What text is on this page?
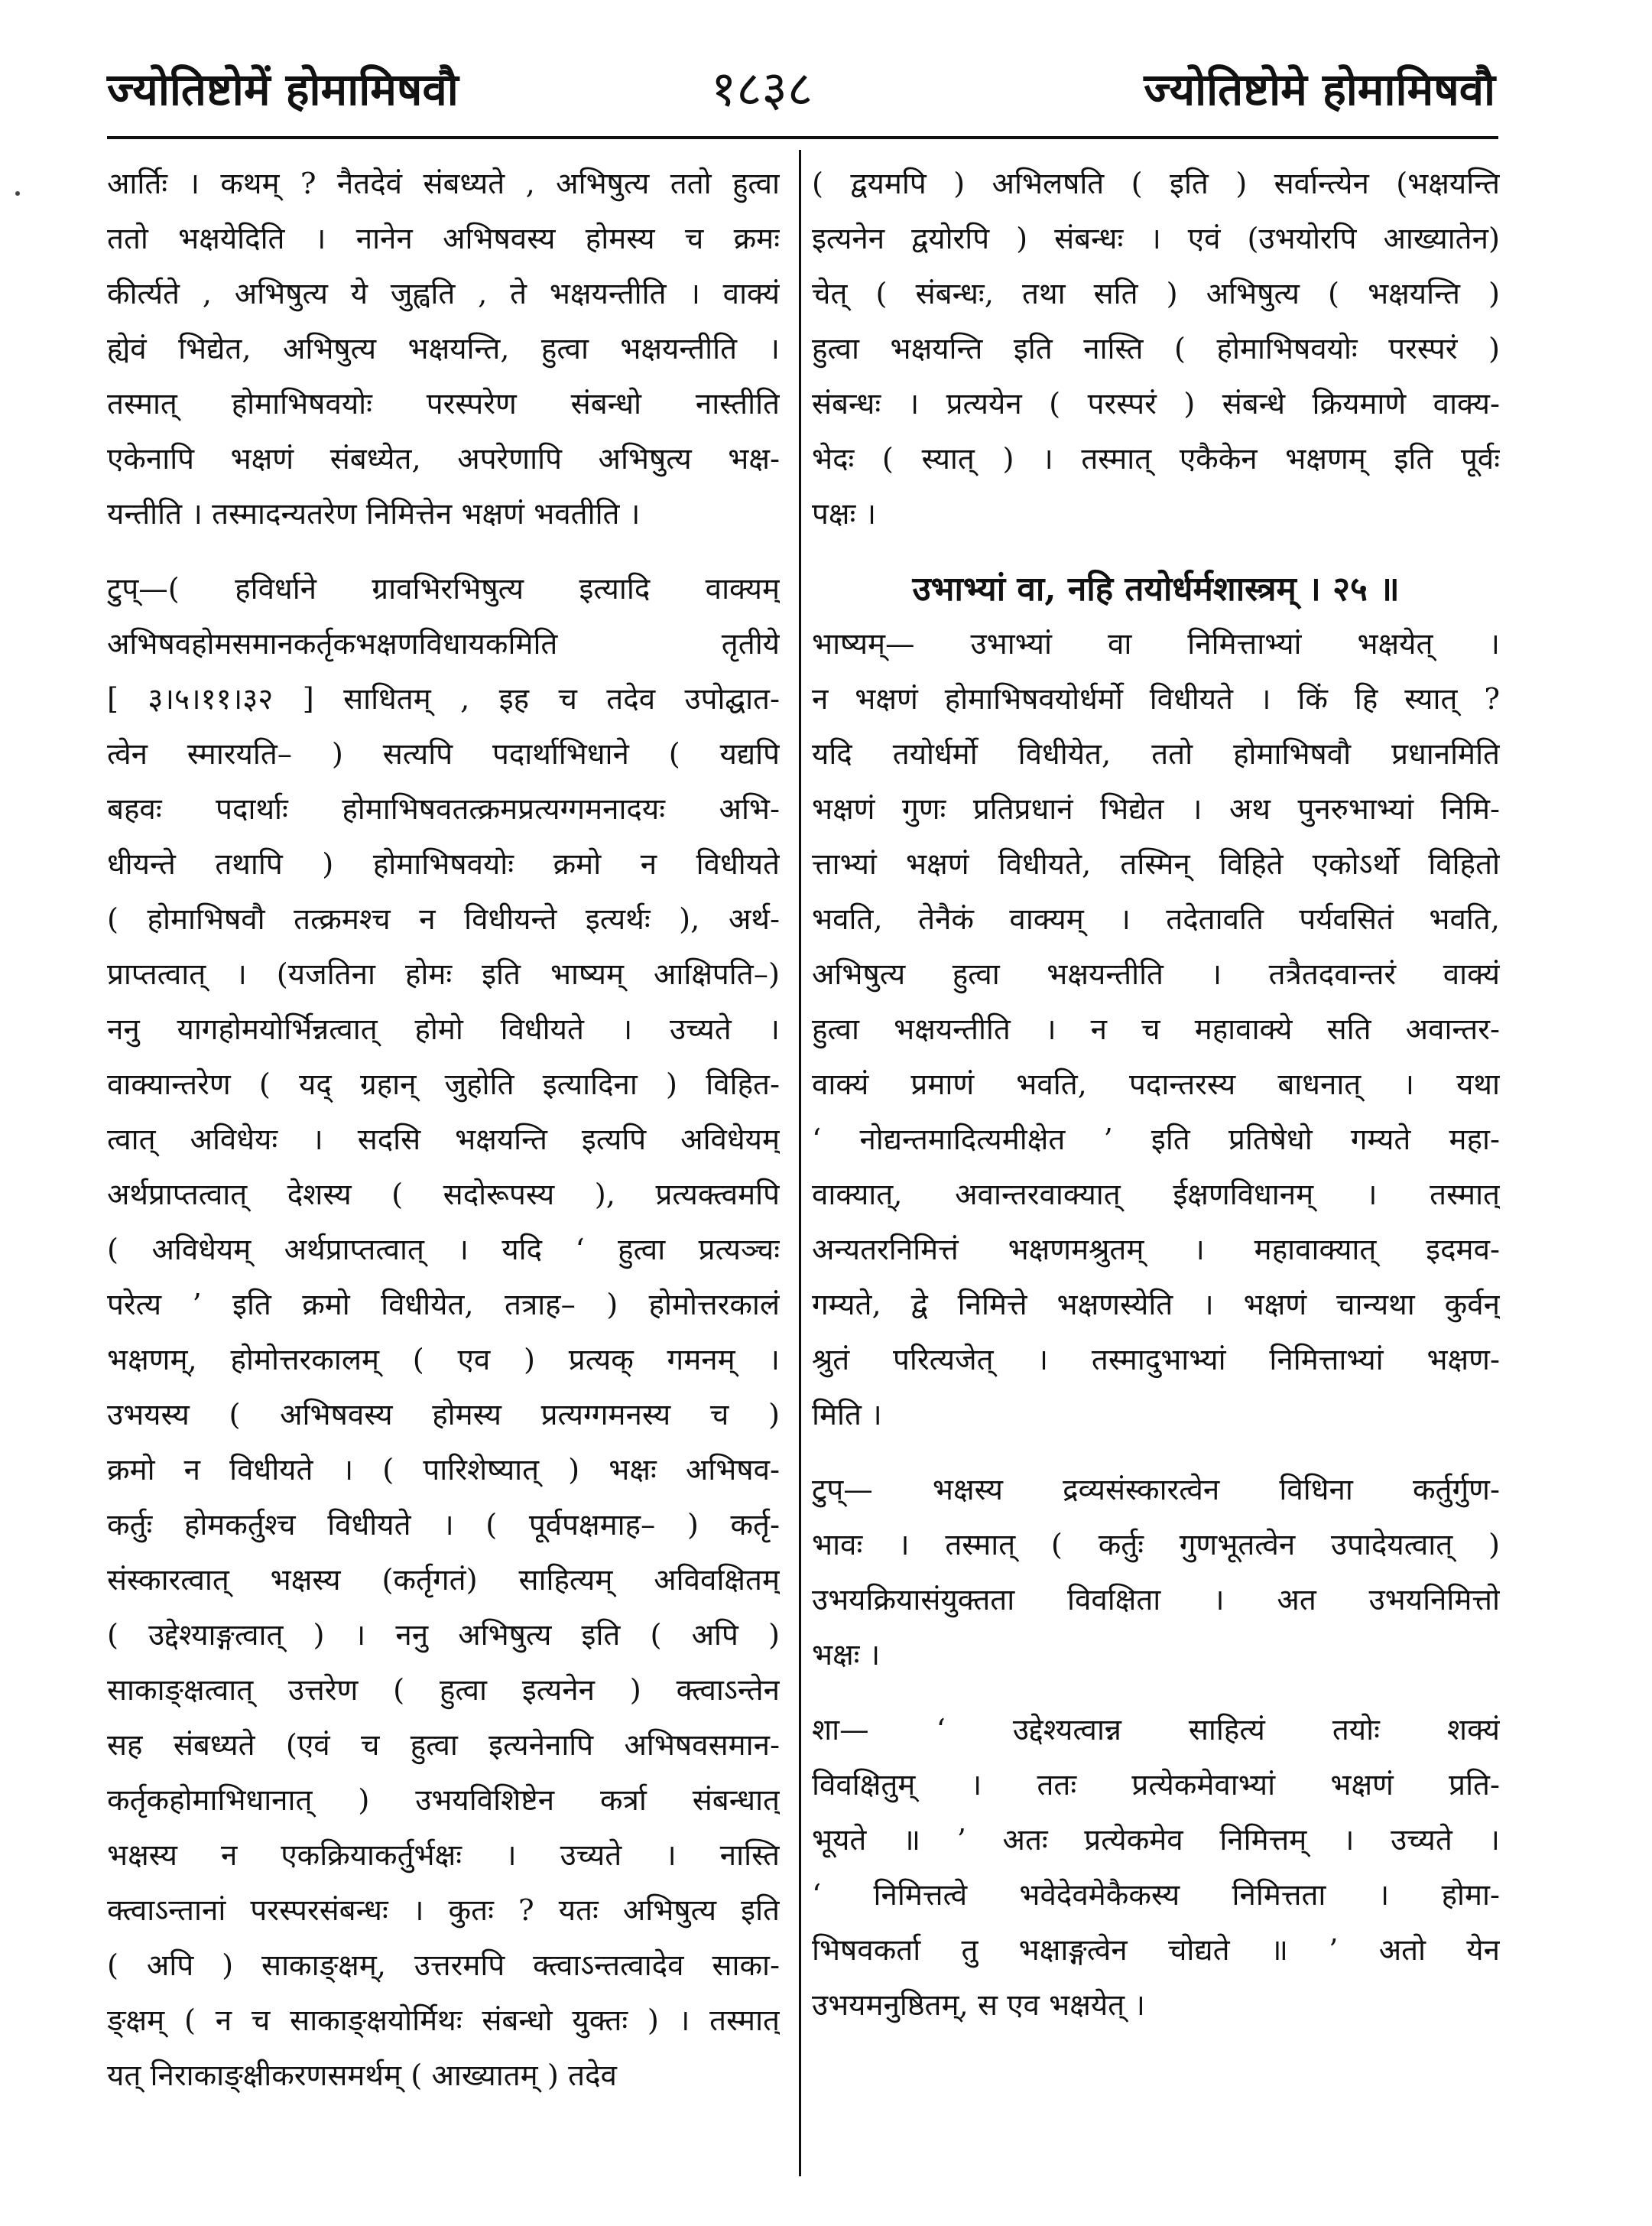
ज्योतिष्टोमें होमामिषवौ	१८३८	ज्योतिष्टोमे होमामिषवौ
आर्तिः । कथम् ? नैतदेवं संबध्यते , अभिषुत्य ततो हुत्वा
ततो भक्षयेदिति । नानेन अभिषवस्य होमस्य च क्रमः
कीर्त्यते , अभिषुत्य ये जुह्वति , ते भक्षयन्तीति । वाक्यं
ह्येवं भिद्येत, अभिषुत्य भक्षयन्ति, हुत्वा भक्षयन्तीति ।
तस्मात् होमाभिषवयोः परस्परेण संबन्धो नास्तीति
एकेनापि भक्षणं संबध्येत, अपरेणापि अभिषुत्य भक्ष-
यन्तीति । तस्मादन्यतरेण निमित्तेन भक्षणं भवतीति ।
टुप्—( हविर्धाने ग्रावभिरभिषुत्य इत्यादि वाक्यम्
अभिषवहोमसमानकर्तृकभक्षणविधायकमिति तृतीये
[ ३।५।११।३२ ] साधितम् , इह च तदेव उपोद्घात-
त्वेन स्मारयति– ) सत्यपि पदार्थाभिधाने ( यद्यपि
बहवः पदार्थाः होमाभिषवतत्क्रमप्रत्यग्गमनादयः अभि-
धीयन्ते तथापि ) होमाभिषवयोः क्रमो न विधीयते
( होमाभिषवौ तत्क्रमश्च न विधीयन्ते इत्यर्थः ), अर्थ-
प्राप्तत्वात् । (यजतिना होमः इति भाष्यम् आक्षिपति–)
ननु यागहोमयोर्भिन्नत्वात् होमो विधीयते । उच्यते ।
वाक्यान्तरेण ( यद् ग्रहान् जुहोति इत्यादिना ) विहित-
त्वात् अविधेयः । सदसि भक्षयन्ति इत्यपि अविधेयम्
अर्थप्राप्तत्वात् देशस्य ( सदोरूपस्य ), प्रत्यक्त्वमपि
( अविधेयम् अर्थप्राप्तत्वात् । यदि ‘ हुत्वा प्रत्यञ्चः
परेत्य ’ इति क्रमो विधीयेत, तत्राह– ) होमोत्तरकालं
भक्षणम्, होमोत्तरकालम् ( एव ) प्रत्यक् गमनम् ।
उभयस्य ( अभिषवस्य होमस्य प्रत्यग्गमनस्य च )
क्रमो न विधीयते । ( पारिशेष्यात् ) भक्षः अभिषव-
कर्तुः होमकर्तुश्च विधीयते । ( पूर्वपक्षमाह– ) कर्तृ-
संस्कारत्वात् भक्षस्य (कर्तृगतं) साहित्यम् अविवक्षितम्
( उद्देश्याङ्गत्वात् ) । ननु अभिषुत्य इति ( अपि )
साकाङ्क्षत्वात् उत्तरेण ( हुत्वा इत्यनेन ) क्त्वाऽन्तेन
सह संबध्यते (एवं च हुत्वा इत्यनेनापि अभिषवसमान-
कर्तृकहोमाभिधानात् ) उभयविशिष्टेन कर्त्रा संबन्धात्
भक्षस्य न एकक्रियाकर्तुर्भक्षः । उच्यते । नास्ति
क्त्वाऽन्तानां परस्परसंबन्धः । कुतः ? यतः अभिषुत्य इति
( अपि ) साकाङ्क्षम्, उत्तरमपि क्त्वाऽन्तत्वादेव साका-
ङ्क्षम् ( न च साकाङ्क्षयोर्मिथः संबन्धो युक्तः ) । तस्मात्
यत् निराकाङ्क्षीकरणसमर्थम् ( आख्यातम् ) तदेव
( द्वयमपि ) अभिलषति ( इति ) सर्वान्त्येन (भक्षयन्ति
इत्यनेन द्वयोरपि ) संबन्धः । एवं (उभयोरपि आख्यातेन)
चेत् ( संबन्धः, तथा सति ) अभिषुत्य ( भक्षयन्ति )
हुत्वा भक्षयन्ति इति नास्ति ( होमाभिषवयोः परस्परं )
संबन्धः । प्रत्ययेन ( परस्परं ) संबन्धे क्रियमाणे वाक्य-
भेदः ( स्यात् ) । तस्मात् एकैकेन भक्षणम् इति पूर्वः
पक्षः ।
उभाभ्यां वा, नहि तयोर्धर्मशास्त्रम् । २५ ॥
भाष्यम्— उभाभ्यां वा निमित्ताभ्यां भक्षयेत् ।
न भक्षणं होमाभिषवयोर्धर्मो विधीयते । किं हि स्यात् ?
यदि तयोर्धर्मो विधीयेत, ततो होमाभिषवौ प्रधानमिति
भक्षणं गुणः प्रतिप्रधानं भिद्येत । अथ पुनरुभाभ्यां निमि-
त्ताभ्यां भक्षणं विधीयते, तस्मिन् विहिते एकोऽर्थो विहितो
भवति, तेनैकं वाक्यम् । तदेतावति पर्यवसितं भवति,
अभिषुत्य हुत्वा भक्षयन्तीति । तत्रैतदवान्तरं वाक्यं
हुत्वा भक्षयन्तीति । न च महावाक्ये सति अवान्तर-
वाक्यं प्रमाणं भवति, पदान्तरस्य बाधनात् । यथा
‘ नोद्यन्तमादित्यमीक्षेत ’ इति प्रतिषेधो गम्यते महा-
वाक्यात्, अवान्तरवाक्यात् ईक्षणविधानम् । तस्मात्
अन्यतरनिमित्तं भक्षणमश्रुतम् । महावाक्यात् इदमव-
गम्यते, द्वे निमित्ते भक्षणस्येति । भक्षणं चान्यथा कुर्वन्
श्रुतं परित्यजेत् । तस्मादुभाभ्यां निमित्ताभ्यां भक्षण-
मिति ।
टुप्— भक्षस्य द्रव्यसंस्कारत्वेन विधिना कर्तुर्गुण-
भावः । तस्मात् ( कर्तुः गुणभूतत्वेन उपादेयत्वात् )
उभयक्रियासंयुक्तता विवक्षिता । अत उभयनिमित्तो
भक्षः ।
शा— ‘ उद्देश्यत्वान्न साहित्यं तयोः शक्यं
विवक्षितुम् । ततः प्रत्येकमेवाभ्यां भक्षणं प्रति-
भूयते ॥ ’ अतः प्रत्येकमेव निमित्तम् । उच्यते ।
‘ निमित्तत्वे भवेदेवमेकैकस्य निमित्तता । होमा-
भिषवकर्ता तु भक्षाङ्गत्वेन चोद्यते ॥ ’ अतो येन
उभयमनुष्ठितम्, स एव भक्षयेत् ।
